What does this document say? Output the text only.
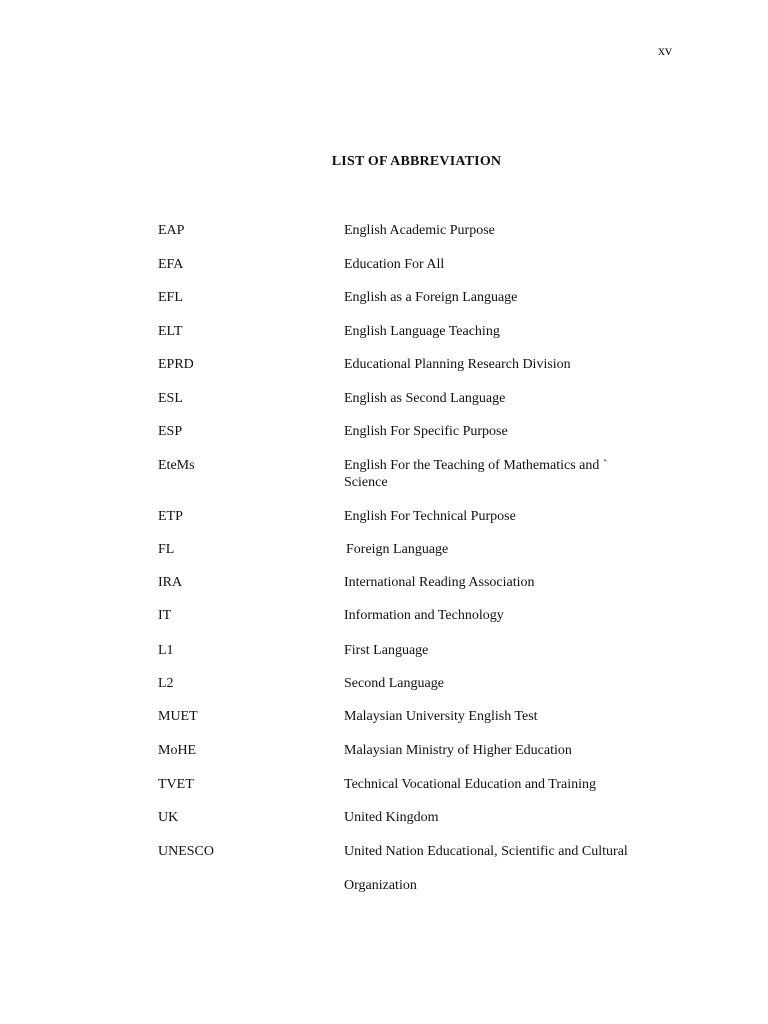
xv
LIST OF ABBREVIATION
EAP	English Academic Purpose
EFA	Education For All
EFL	English as a Foreign Language
ELT	English Language Teaching
EPRD	Educational Planning Research Division
ESL	English as Second Language
ESP	English For Specific Purpose
EteMs	English For the Teaching of Mathematics and `
Science
ETP	English For Technical Purpose
FL	Foreign Language
IRA	International Reading Association
IT	Information and Technology
L1	First Language
L2	Second Language
MUET	Malaysian University English Test
MoHE	Malaysian Ministry of Higher Education
TVET	Technical Vocational Education and Training
UK	United Kingdom
UNESCO	United Nation Educational, Scientific and Cultural

Organization
